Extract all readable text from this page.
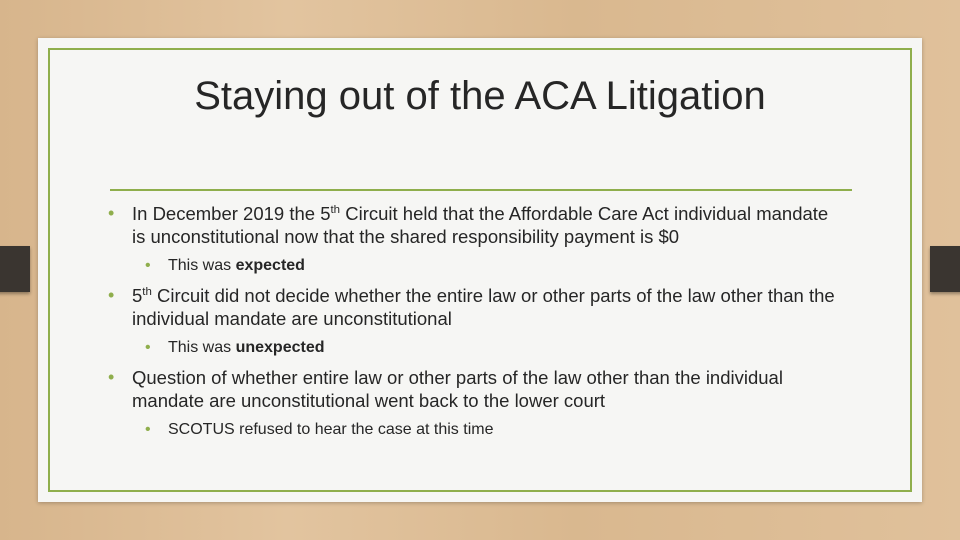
Staying out of the ACA Litigation
• In December 2019 the 5th Circuit held that the Affordable Care Act individual mandate is unconstitutional now that the shared responsibility payment is $0
• This was expected
• 5th Circuit did not decide whether the entire law or other parts of the law other than the individual mandate are unconstitutional
• This was unexpected
• Question of whether entire law or other parts of the law other than the individual mandate are unconstitutional went back to the lower court
• SCOTUS refused to hear the case at this time
